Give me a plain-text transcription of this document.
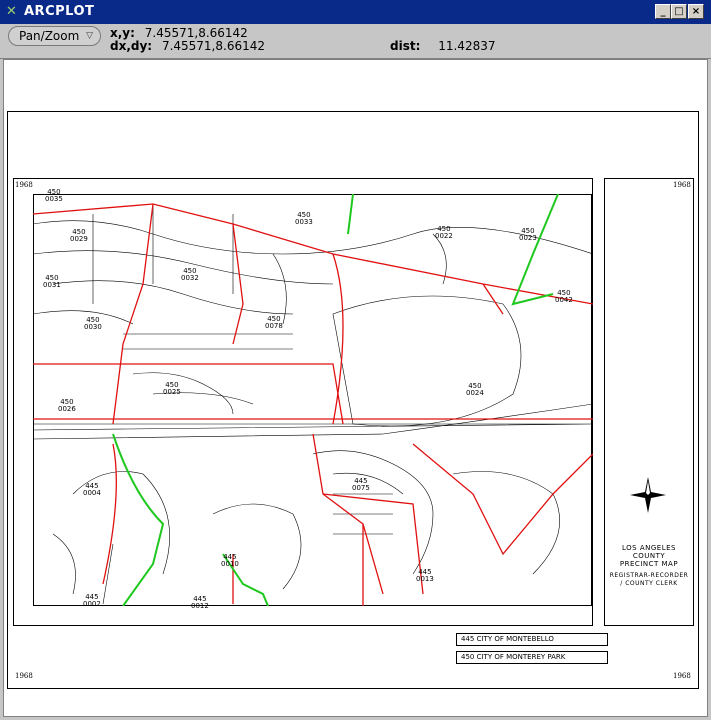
✕ ARCPLOT	_ □ ×
Pan/Zoom ▽ x,y: 7.45571,8.66142
dx,dy: 7.45571,8.66142	dist: 11.42837
1968	1968
1968	1968
450
0035
450
0033
450
0022
450
0023
450
0029
450
0031
450
0032
450
0030
450
0078
450
0042
450
0025
450
0026
450
0024
445
0004
445
0075
445
0010
445
0013
445
0012
445
0002
LOS ANGELES COUNTY
PRECINCT MAP
REGISTRAR-RECORDER / COUNTY CLERK
445 CITY OF MONTEBELLO
450 CITY OF MONTEREY PARK
